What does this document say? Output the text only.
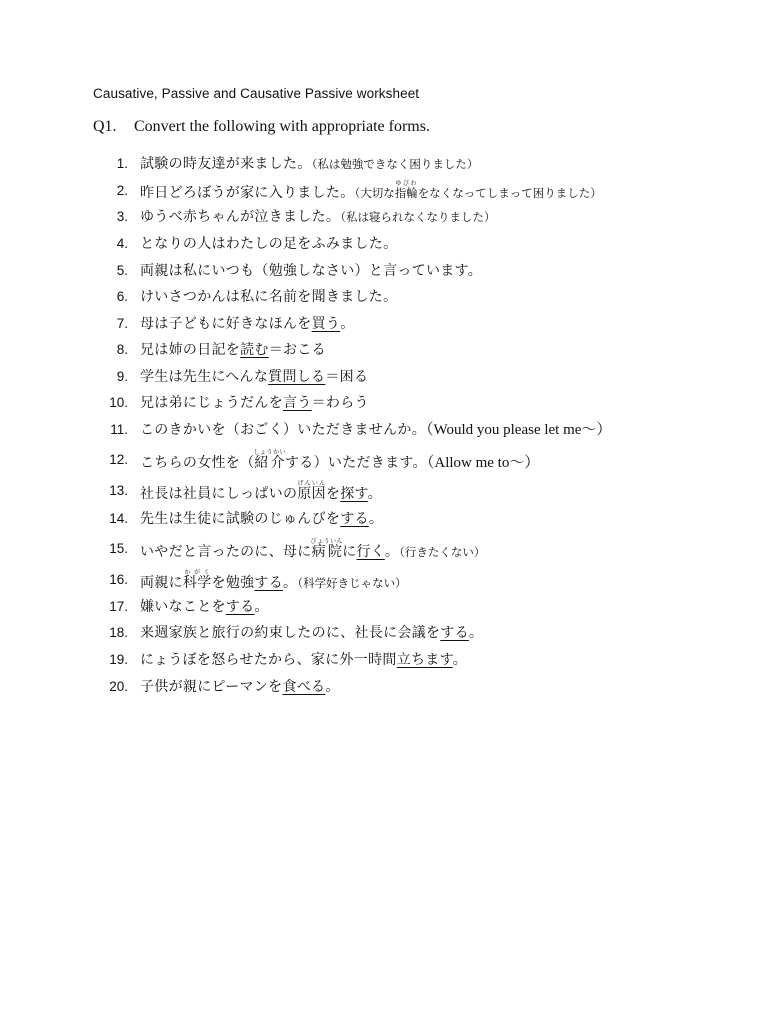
Causative, Passive and Causative Passive worksheet
Q1. Convert the following with appropriate forms.
1. 試験の時友達が来ました。（私は勉強できなく困りました）
2. 昨日どろぼうが家に入りました。（大切な指輪ゆびわをなくなってしまって困りました）
3. ゆうべ赤ちゃんが泣きました。（私は寝られなくなりました）
4. となりの人はわたしの足をふみました。
5. 両親は私にいつも（勉強しなさい）と言っています。
6. けいさつかんは私に名前を聞きました。
7. 母は子どもに好きなほんを買う。
8. 兄は姉の日記を読む＝おこる
9. 学生は先生にへんな質問しる＝困る
10. 兄は弟にじょうだんを言う＝わらう
11. このきかいを（おごく）いただきませんか。（Would you please let me～）
12. こちらの女性を（紹介しょうかいする）いただきます。（Allow me to～）
13. 社長は社員にしっぱいの原因げんいんを探す。
14. 先生は生徒に試験のじゅんびをする。
15. いやだと言ったのに、母に病院びょういんに行く。（行きたくない）
16. 両親に科学かがくを勉強する。（科学好きじゃない）
17. 嫌いなことをする。
18. 来週家族と旅行の約束したのに、社長に会議をする。
19. にょうぼを怒らせたから、家に外一時間立ちます。
20. 子供が親にピーマンを食べる。
